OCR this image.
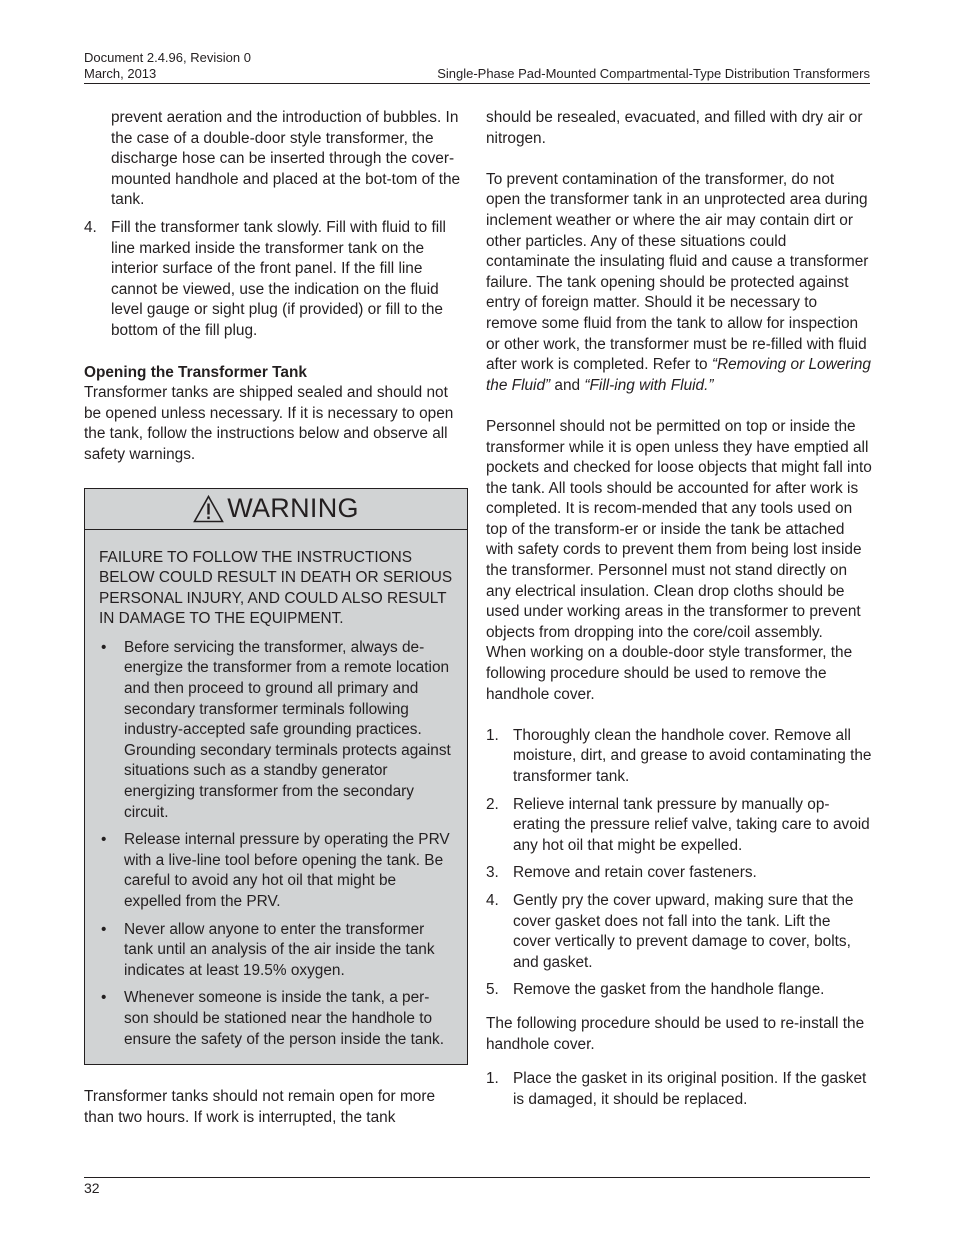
Document 2.4.96, Revision 0
March, 2013	Single-Phase Pad-Mounted Compartmental-Type Distribution Transformers

prevent aeration and the introduction of bubbles. In the case of a double-door style transformer, the discharge hose can be inserted through the cover-mounted handhole and placed at the bot-tom of the tank.

4. Fill the transformer tank slowly. Fill with fluid to fill line marked inside the transformer tank on the interior surface of the front panel. If the fill line cannot be viewed, use the indication on the fluid level gauge or sight plug (if provided) or fill to the bottom of the fill plug.

Opening the Transformer Tank

Transformer tanks are shipped sealed and should not be opened unless necessary. If it is necessary to open the tank, follow the instructions below and observe all safety warnings.

WARNING

FAILURE TO FOLLOW THE INSTRUCTIONS BELOW COULD RESULT IN DEATH OR SERIOUS PERSONAL INJURY, AND COULD ALSO RESULT IN DAMAGE TO THE EQUIPMENT.

• Before servicing the transformer, always de-energize the transformer from a remote location and then proceed to ground all primary and secondary transformer terminals following industry-accepted safe grounding practices. Grounding secondary terminals protects against situations such as a standby generator energizing transformer from the secondary circuit.
• Release internal pressure by operating the PRV with a live-line tool before opening the tank. Be careful to avoid any hot oil that might be expelled from the PRV.
• Never allow anyone to enter the transformer tank until an analysis of the air inside the tank indicates at least 19.5% oxygen.
• Whenever someone is inside the tank, a per-son should be stationed near the handhole to ensure the safety of the person inside the tank.

Transformer tanks should not remain open for more than two hours. If work is interrupted, the tank

should be resealed, evacuated, and filled with dry air or nitrogen.

To prevent contamination of the transformer, do not open the transformer tank in an unprotected area during inclement weather or where the air may contain dirt or other particles. Any of these situations could contaminate the insulating fluid and cause a transformer failure. The tank opening should be protected against entry of foreign matter. Should it be necessary to remove some fluid from the tank to allow for inspection or other work, the transformer must be re-filled with fluid after work is completed. Refer to “Removing or Lowering the Fluid” and “Fill-ing with Fluid.”

Personnel should not be permitted on top or inside the transformer while it is open unless they have emptied all pockets and checked for loose objects that might fall into the tank. All tools should be accounted for after work is completed. It is recom-mended that any tools used on top of the transform-er or inside the tank be attached with safety cords to prevent them from being lost inside the transformer. Personnel must not stand directly on any electrical insulation. Clean drop cloths should be used under working areas in the transformer to prevent objects from dropping into the core/coil assembly.

When working on a double-door style transformer, the following procedure should be used to remove the handhole cover.

1. Thoroughly clean the handhole cover. Remove all moisture, dirt, and grease to avoid contaminating the transformer tank.
2. Relieve internal tank pressure by manually op-erating the pressure relief valve, taking care to avoid any hot oil that might be expelled.
3. Remove and retain cover fasteners.
4. Gently pry the cover upward, making sure that the cover gasket does not fall into the tank. Lift the cover vertically to prevent damage to cover, bolts, and gasket.
5. Remove the gasket from the handhole flange.

The following procedure should be used to re-install the handhole cover.

1. Place the gasket in its original position. If the gasket is damaged, it should be replaced.
32
